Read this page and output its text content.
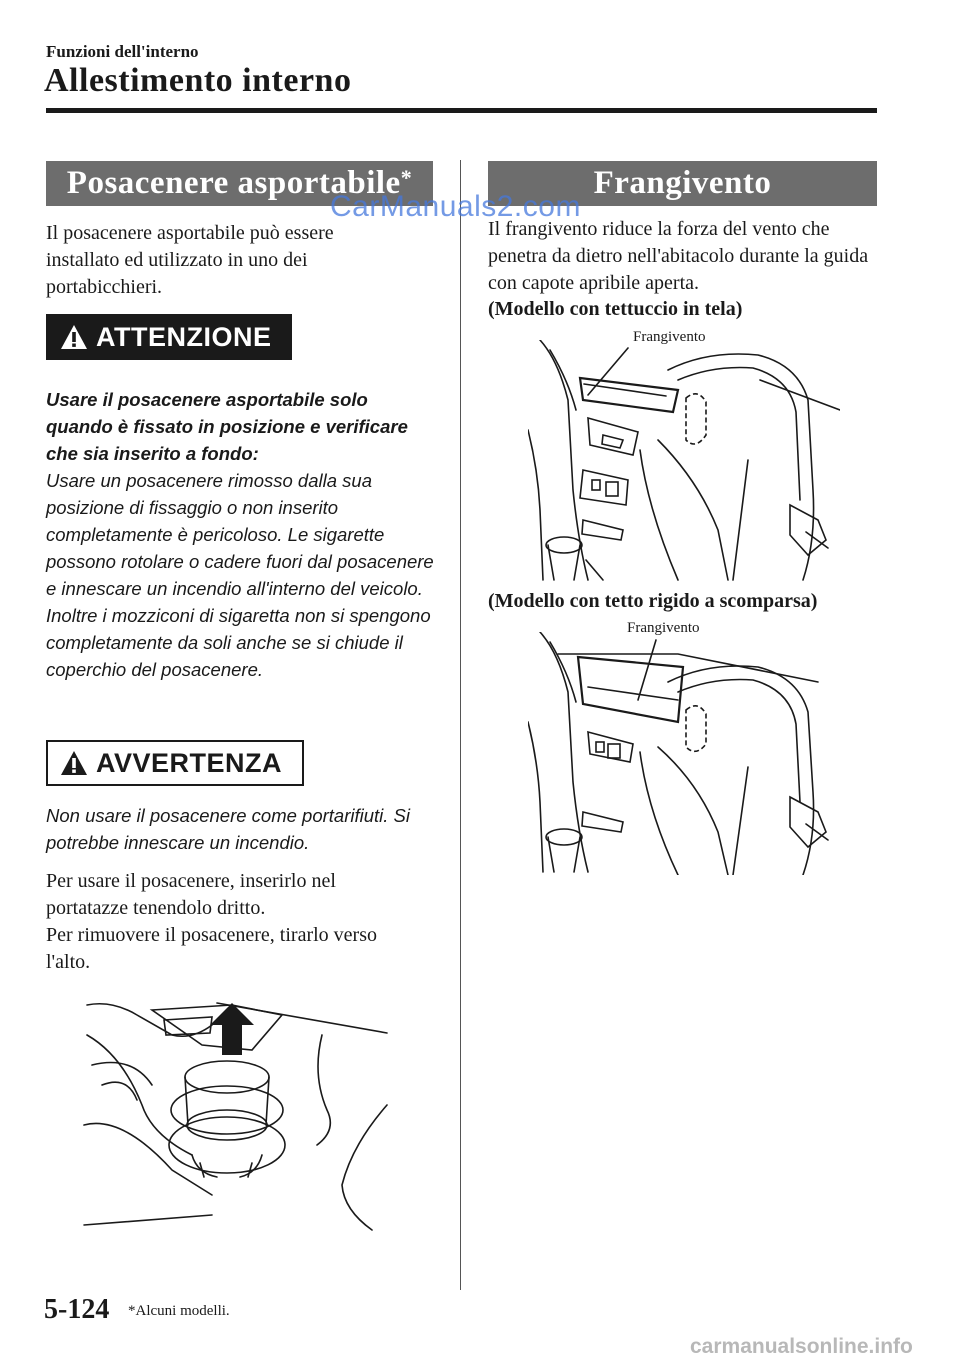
Funzioni dell'interno
Allestimento interno
Posacenere asportabile*
Il posacenere asportabile può essere installato ed utilizzato in uno dei portabicchieri.
ATTENZIONE
Usare il posacenere asportabile solo quando è fissato in posizione e verificare che sia inserito a fondo:
Usare un posacenere rimosso dalla sua posizione di fissaggio o non inserito completamente è pericoloso. Le sigarette possono rotolare o cadere fuori dal posacenere e innescare un incendio all'interno del veicolo. Inoltre i mozziconi di sigaretta non si spengono completamente da soli anche se si chiude il coperchio del posacenere.
AVVERTENZA
Non usare il posacenere come portarifiuti. Si potrebbe innescare un incendio.
Per usare il posacenere, inserirlo nel portatazze tenendolo dritto.
Per rimuovere il posacenere, tirarlo verso l'alto.
Frangivento
Il frangivento riduce la forza del vento che penetra da dietro nell'abitacolo durante la guida con capote apribile aperta.
(Modello con tettuccio in tela)
Frangivento
(Modello con tetto rigido a scomparsa)
Frangivento
5-124 *Alcuni modelli.
CarManuals2.com
carmanualsonline.info
